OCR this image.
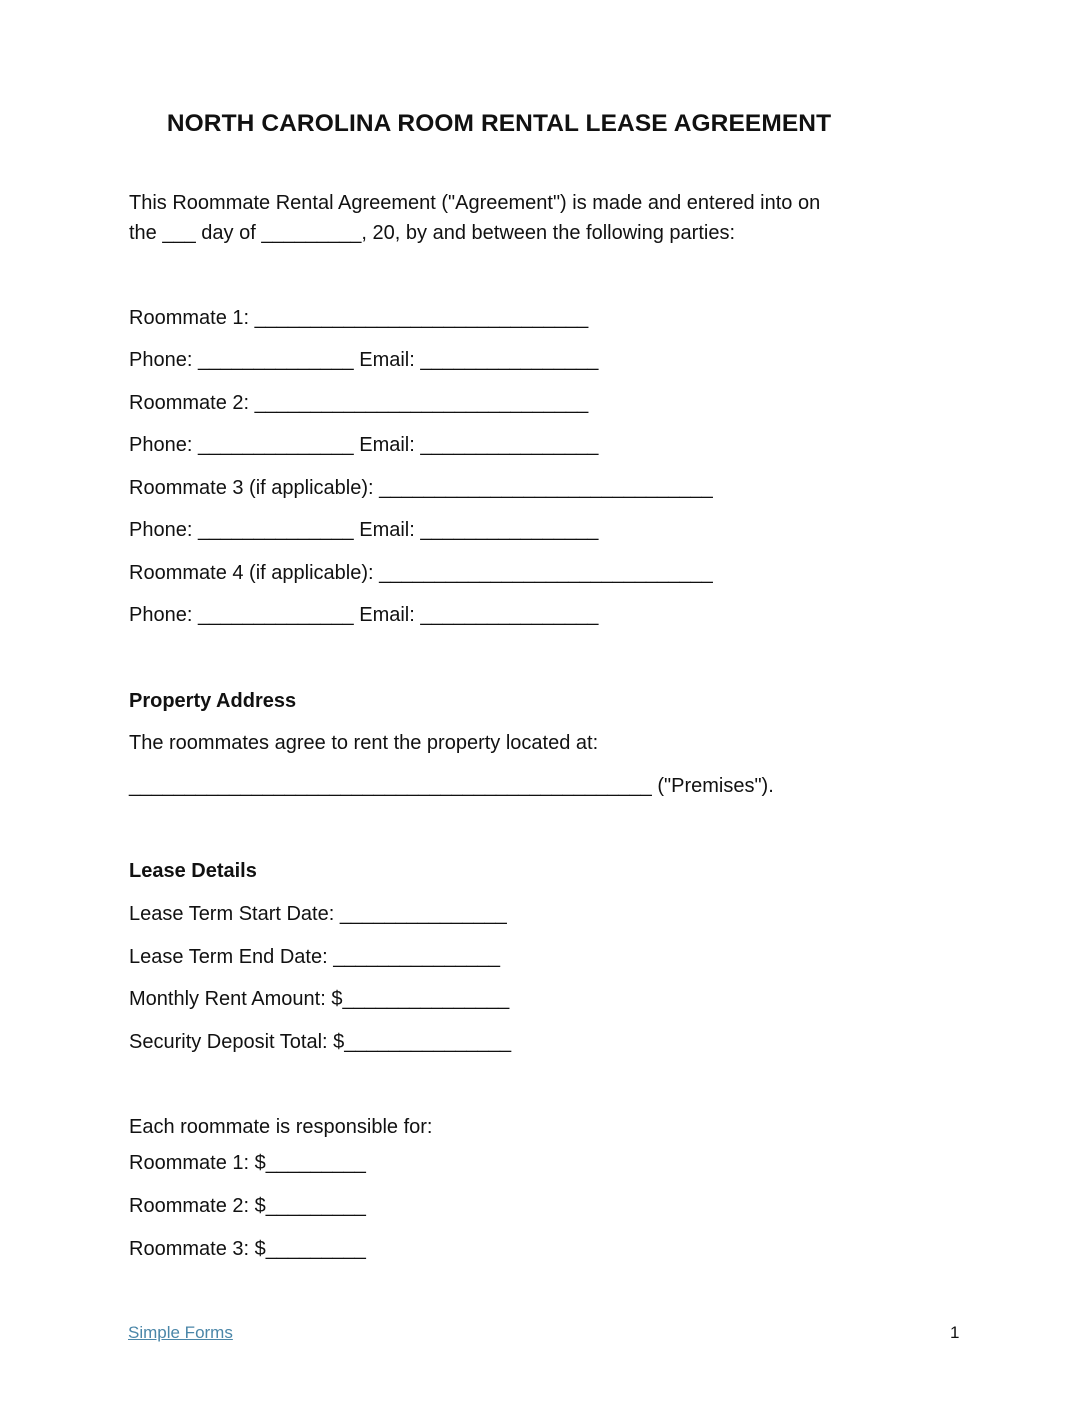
NORTH CAROLINA ROOM RENTAL LEASE AGREEMENT
This Roommate Rental Agreement ("Agreement") is made and entered into on
the ___ day of _________, 20, by and between the following parties:
Roommate 1: ______________________________
Phone: ______________ Email: ________________
Roommate 2: ______________________________
Phone: ______________ Email: ________________
Roommate 3 (if applicable): ______________________________
Phone: ______________ Email: ________________
Roommate 4 (if applicable): ______________________________
Phone: ______________ Email: ________________
Property Address
The roommates agree to rent the property located at:
_______________________________________________ ("Premises").
Lease Details
Lease Term Start Date: _______________
Lease Term End Date: _______________
Monthly Rent Amount: $_______________
Security Deposit Total: $_______________
Each roommate is responsible for:
Roommate 1: $_________
Roommate 2: $_________
Roommate 3: $_________
Simple Forms	1
